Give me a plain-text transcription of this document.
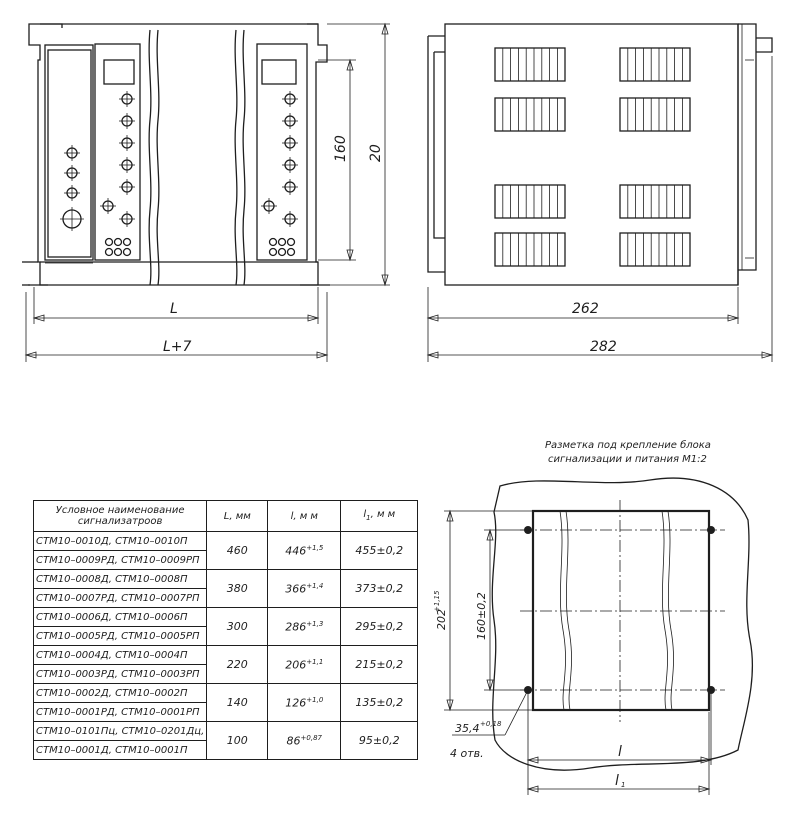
L
L+7
160 20
262
282
Разметка под крепление блока
сигнализации и питания М1:2
202
+1,15	160±0,2
35,4 +0,18
4 отв.	l
l 1
Условное наименование сигнализатроов	L, мм	l, м м	$l_1$, м м
СТМ10–0010Д, СТМ10–0010П	460	$446^{+1,5}$	455±0,2
СТМ10–0009РД, СТМ10–0009РП			
СТМ10–0008Д, СТМ10–0008П	380	$366^{+1,4}$	373±0,2
СТМ10–0007РД, СТМ10–0007РП			
СТМ10–0006Д, СТМ10–0006П	300	$286^{+1,3}$	295±0,2
СТМ10–0005РД, СТМ10–0005РП			
СТМ10–0004Д, СТМ10–0004П	220	$206^{+1,1}$	215±0,2
СТМ10–0003РД, СТМ10–0003РП			
СТМ10–0002Д, СТМ10–0002П	140	$126^{+1,0}$	135±0,2
СТМ10–0001РД, СТМ10–0001РП			
СТМ10–0101Пц, СТМ10–0201Дц,	100	$86^{+0,87}$	95±0,2
СТМ10–0001Д, СТМ10–0001П			
